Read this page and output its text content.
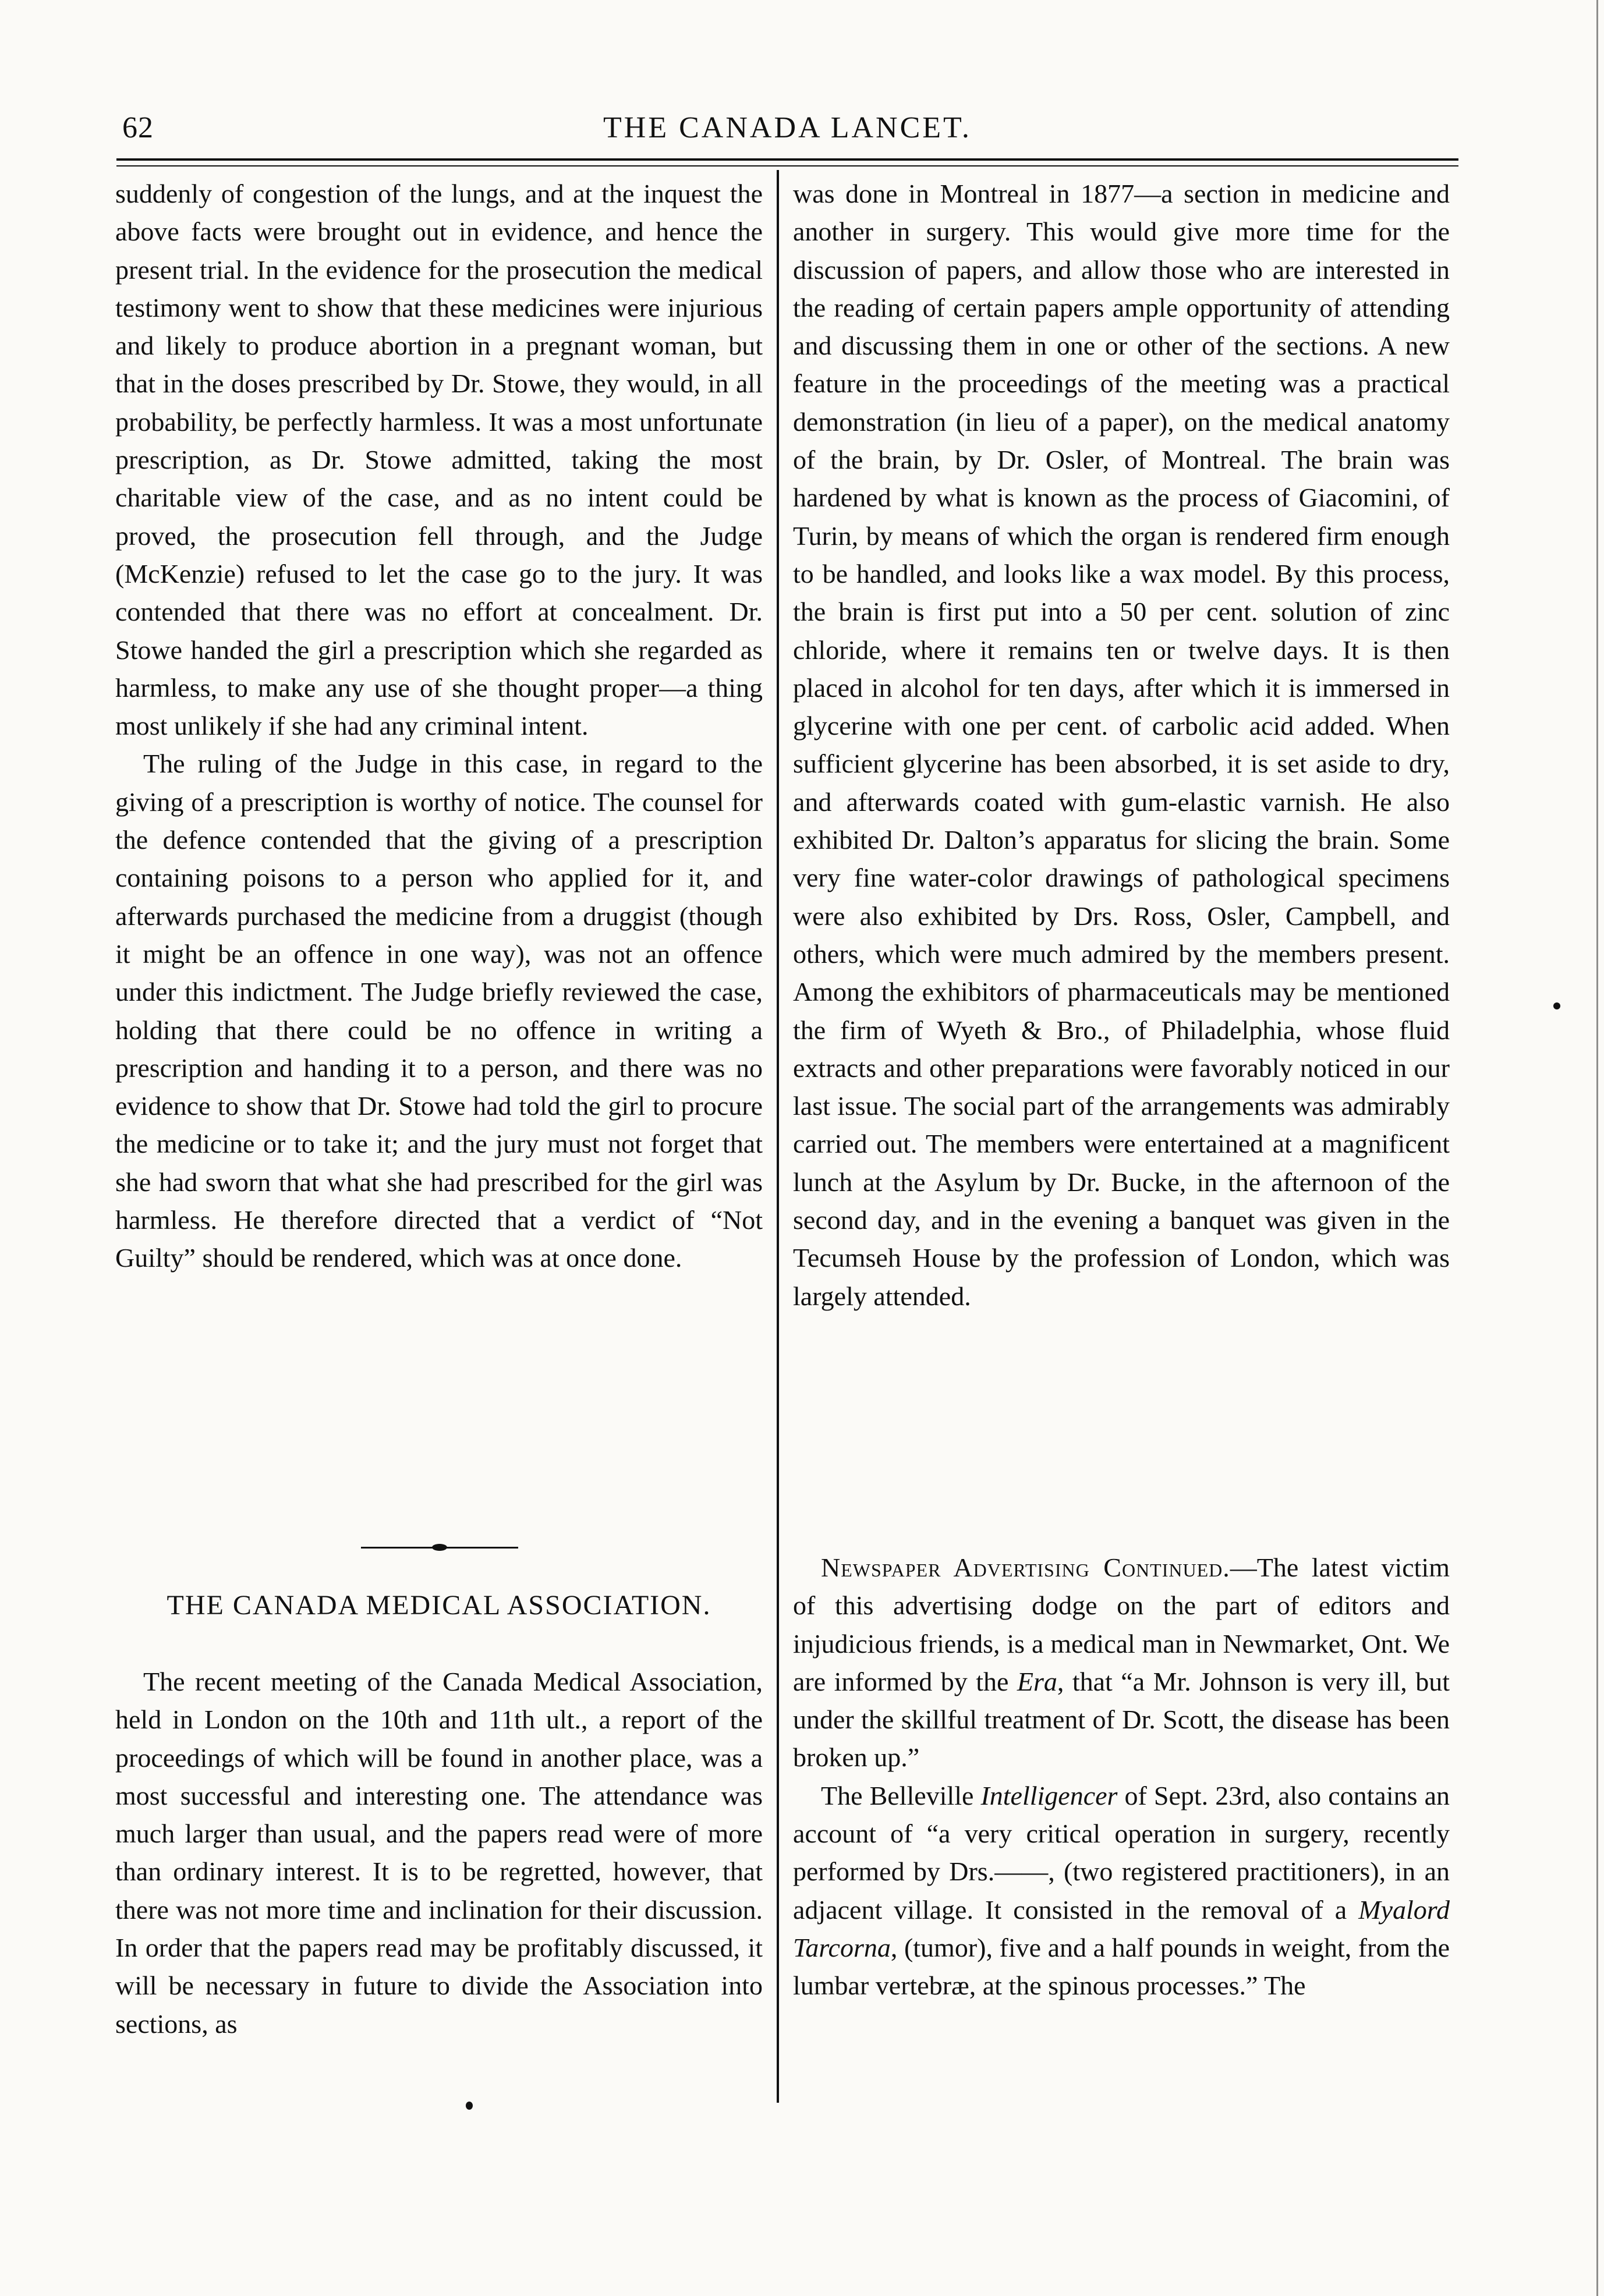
62	THE CANADA LANCET.

suddenly of congestion of the lungs, and at the inquest the above facts were brought out in evidence, and hence the present trial. In the evidence for the prosecution the medical testimony went to show that these medicines were injurious and likely to produce abortion in a pregnant woman, but that in the doses prescribed by Dr. Stowe, they would, in all probability, be perfectly harmless. It was a most unfortunate prescription, as Dr. Stowe admitted, taking the most charitable view of the case, and as no intent could be proved, the prosecution fell through, and the Judge (McKenzie) refused to let the case go to the jury. It was contended that there was no effort at concealment. Dr. Stowe handed the girl a prescription which she regarded as harmless, to make any use of she thought proper—a thing most unlikely if she had any criminal intent.

The ruling of the Judge in this case, in regard to the giving of a prescription is worthy of notice. The counsel for the defence contended that the giving of a prescription containing poisons to a person who applied for it, and afterwards purchased the medicine from a druggist (though it might be an offence in one way), was not an offence under this indictment. The Judge briefly reviewed the case, holding that there could be no offence in writing a prescription and handing it to a person, and there was no evidence to show that Dr. Stowe had told the girl to procure the medicine or to take it; and the jury must not forget that she had sworn that what she had prescribed for the girl was harmless. He therefore directed that a verdict of “Not Guilty” should be rendered, which was at once done.

THE CANADA MEDICAL ASSOCIATION.

The recent meeting of the Canada Medical Association, held in London on the 10th and 11th ult., a report of the proceedings of which will be found in another place, was a most successful and interesting one. The attendance was much larger than usual, and the papers read were of more than ordinary interest. It is to be regretted, however, that there was not more time and inclination for their discussion. In order that the papers read may be profitably discussed, it will be necessary in future to divide the Association into sections, as

was done in Montreal in 1877—a section in medicine and another in surgery. This would give more time for the discussion of papers, and allow those who are interested in the reading of certain papers ample opportunity of attending and discussing them in one or other of the sections. A new feature in the proceedings of the meeting was a practical demonstration (in lieu of a paper), on the medical anatomy of the brain, by Dr. Osler, of Montreal. The brain was hardened by what is known as the process of Giacomini, of Turin, by means of which the organ is rendered firm enough to be handled, and looks like a wax model. By this process, the brain is first put into a 50 per cent. solution of zinc chloride, where it remains ten or twelve days. It is then placed in alcohol for ten days, after which it is immersed in glycerine with one per cent. of carbolic acid added. When sufficient glycerine has been absorbed, it is set aside to dry, and afterwards coated with gum-elastic varnish. He also exhibited Dr. Dalton’s apparatus for slicing the brain. Some very fine water-color drawings of pathological specimens were also exhibited by Drs. Ross, Osler, Campbell, and others, which were much admired by the members present. Among the exhibitors of pharmaceuticals may be mentioned the firm of Wyeth & Bro., of Philadelphia, whose fluid extracts and other preparations were favorably noticed in our last issue. The social part of the arrangements was admirably carried out. The members were entertained at a magnificent lunch at the Asylum by Dr. Bucke, in the afternoon of the second day, and in the evening a banquet was given in the Tecumseh House by the profession of London, which was largely attended.

Newspaper Advertising Continued.—The latest victim of this advertising dodge on the part of editors and injudicious friends, is a medical man in Newmarket, Ont. We are informed by the Era, that “a Mr. Johnson is very ill, but under the skillful treatment of Dr. Scott, the disease has been broken up.”

The Belleville Intelligencer of Sept. 23rd, also contains an account of “a very critical operation in surgery, recently performed by Drs.——, (two registered practitioners), in an adjacent village. It consisted in the removal of a Myalord Tarcorna, (tumor), five and a half pounds in weight, from the lumbar vertebræ, at the spinous processes.” The
